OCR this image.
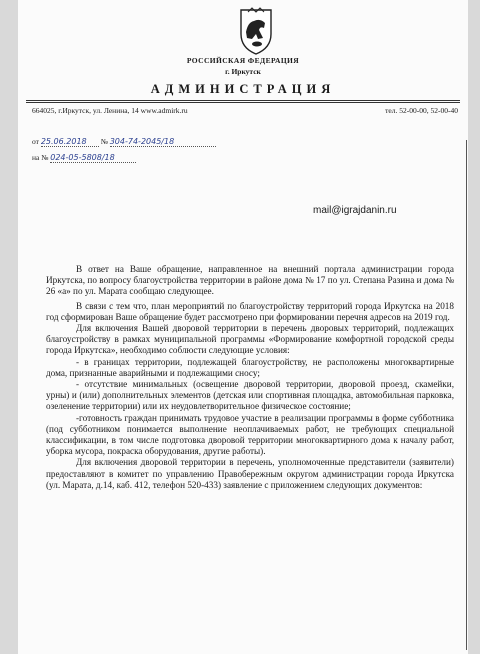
РОССИЙСКАЯ ФЕДЕРАЦИЯ
г. Иркутск
АДМИНИСТРАЦИЯ
664025, г.Иркутск, ул. Ленина, 14 www.admirk.ru	тел. 52-00-00, 52-00-40
от 25.06.2018 № 304-74-2045/18
на № 024-05-5808/18
mail@igrajdanin.ru

В ответ на Ваше обращение, направленное на внешний портала администрации города Иркутска, по вопросу благоустройства территории в районе дома № 17 по ул. Степана Разина и дома № 26 «а» по ул. Марата сообщаю следующее.

В связи с тем что, план мероприятий по благоустройству территорий города Иркутска на 2018 год сформирован Ваше обращение будет рассмотрено при формировании перечня адресов на 2019 год.

Для включения Вашей дворовой территории в перечень дворовых территорий, подлежащих благоустройству в рамках муниципальной программы «Формирование комфортной городской среды города Иркутска», необходимо соблюсти следующие условия:

- в границах территории, подлежащей благоустройству, не расположены многоквартирные дома, признанные аварийными и подлежащими сносу;

- отсутствие минимальных (освещение дворовой территории, дворовой проезд, скамейки, урны) и (или) дополнительных элементов (детская или спортивная площадка, автомобильная парковка, озеленение территории) или их неудовлетворительное физическое состояние;

-готовность граждан принимать трудовое участие в реализации программы в форме субботника (под субботником понимается выполнение неоплачиваемых работ, не требующих специальной классификации, в том числе подготовка дворовой территории многоквартирного дома к началу работ, уборка мусора, покраска оборудования, другие работы).

Для включения дворовой территории в перечень, уполномоченные представители (заявители) предоставляют в комитет по управлению Правобережным округом администрации города Иркутска (ул. Марата, д.14, каб. 412, телефон 520-433) заявление с приложением следующих документов:
